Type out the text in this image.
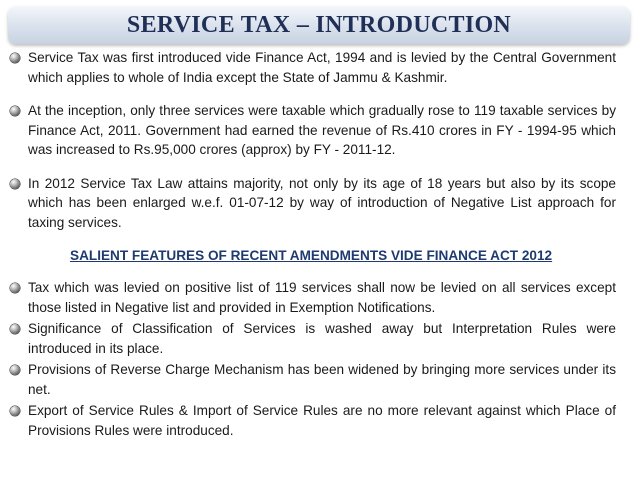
SERVICE TAX – INTRODUCTION
Service Tax was first introduced vide Finance Act, 1994 and is levied by the Central Government which applies to whole of India except the State of Jammu & Kashmir.
At the inception, only three services were taxable which gradually rose to 119 taxable services by Finance Act, 2011. Government had earned the revenue of Rs.410 crores in FY - 1994-95 which was increased to Rs.95,000 crores (approx) by FY - 2011-12.
In 2012 Service Tax Law attains majority, not only by its age of 18 years but also by its scope which has been enlarged w.e.f. 01-07-12 by way of introduction of Negative List approach for taxing services.
SALIENT FEATURES OF RECENT AMENDMENTS VIDE FINANCE ACT 2012
Tax which was levied on positive list of 119 services shall now be levied on all services except those listed in Negative list and provided in Exemption Notifications.
Significance of Classification of Services is washed away but Interpretation Rules were introduced in its place.
Provisions of Reverse Charge Mechanism has been widened by bringing more services under its net.
Export of Service Rules & Import of Service Rules are no more relevant against which Place of Provisions Rules were introduced.
